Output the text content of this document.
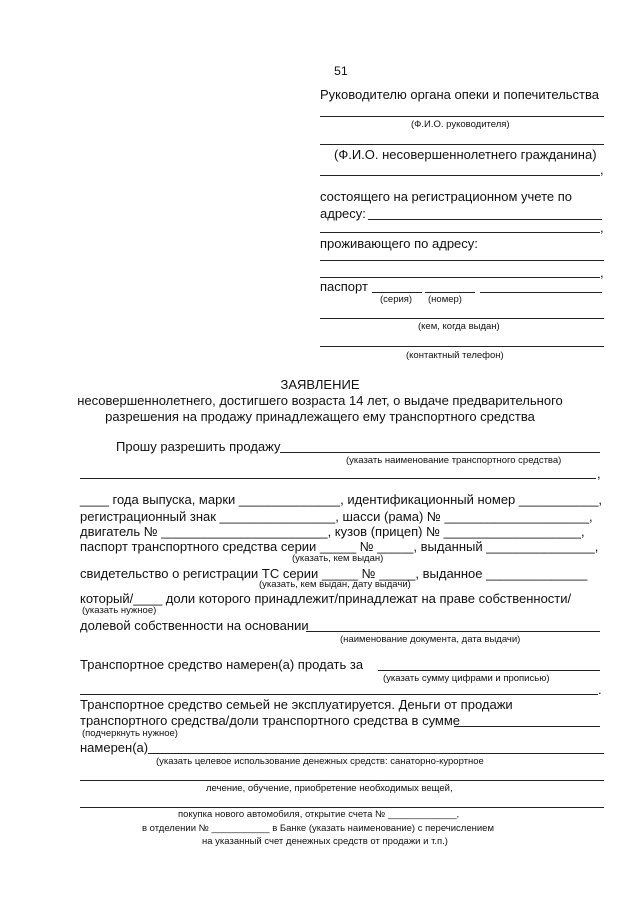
51
Руководителю органа опеки и попечительства
(Ф.И.О. руководителя)
(Ф.И.О. несовершеннолетнего гражданина)
,
состоящего на регистрационном учете по
адресу:
,
проживающего по адресу:
,
паспорт
(серия) (номер)
(кем, когда выдан)
(контактный телефон)
ЗАЯВЛЕНИЕ
несовершеннолетнего, достигшего возраста 14 лет, о выдаче предварительного
разрешения на продажу принадлежащего ему транспортного средства
Прошу разрешить продажу
(указать наименование транспортного средства)
,
____ года выпуска, марки ______________, идентификационный номер ___________,
регистрационный знак ________________, шасси (рама) № ____________________,
двигатель № _______________________, кузов (прицеп) № ___________________,
паспорт транспортного средства серии _____ № _____, выданный _______________,
(указать, кем выдан)
свидетельство о регистрации ТС серии _____ № _____, выданное ______________
(указать, кем выдан, дату выдачи)
который/____ доли которого принадлежит/принадлежат на праве собственности/
(указать нужное)
долевой собственности на основании
(наименование документа, дата выдачи)
Транспортное средство намерен(а) продать за
(указать сумму цифрами и прописью)
.
Транспортное средство семьей не эксплуатируется. Деньги от продажи
транспортного средства/доли транспортного средства в сумме
(подчеркнуть нужное)
намерен(а)
(указать целевое использование денежных средств: санаторно-курортное
лечение, обучение, приобретение необходимых вещей,
покупка нового автомобиля, открытие счета № _____________,
в отделении № ___________ в Банке (указать наименование) с перечислением
на указанный счет денежных средств от продажи и т.п.)
